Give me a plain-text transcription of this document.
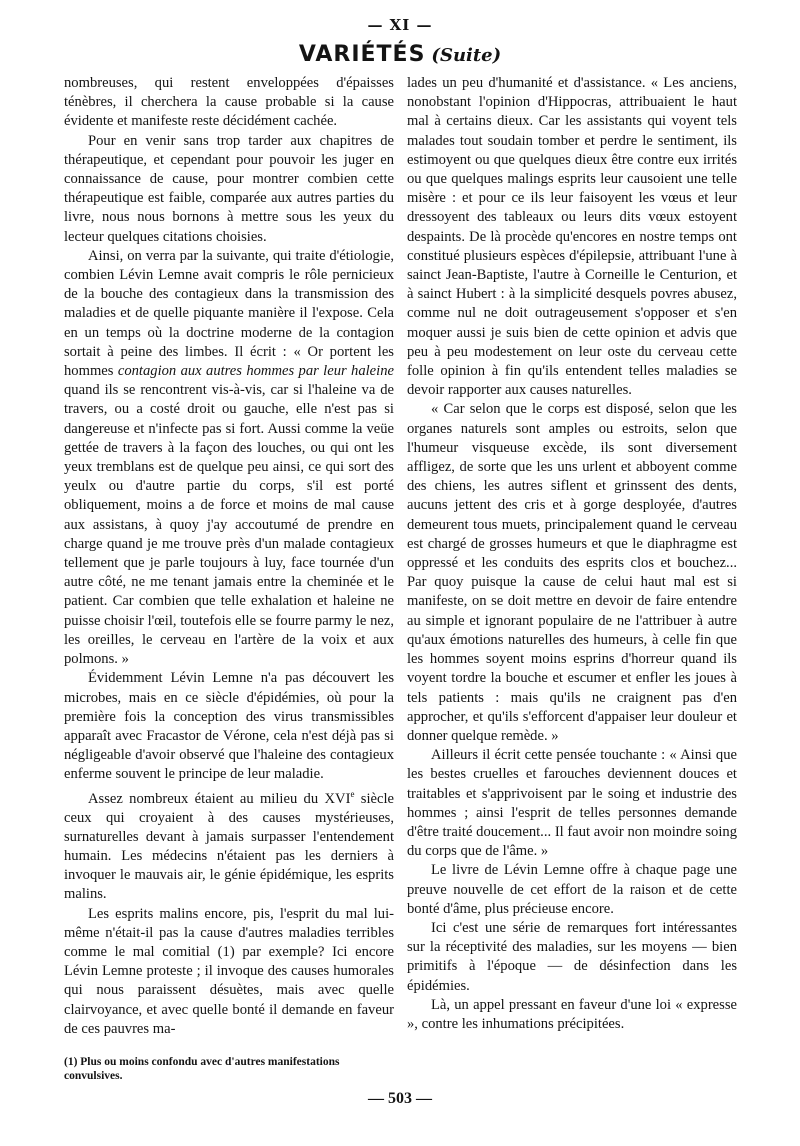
— XI —
VARIÉTÉS (Suite)

nombreuses, qui restent enveloppées d'épaisses ténèbres, il cherchera la cause probable si la cause évidente et manifeste reste décidément cachée.

Pour en venir sans trop tarder aux chapitres de thérapeutique, et cependant pour pouvoir les juger en connaissance de cause, pour montrer combien cette thérapeutique est faible, comparée aux autres parties du livre, nous nous bornons à mettre sous les yeux du lecteur quelques citations choisies.

Ainsi, on verra par la suivante, qui traite d'étiologie, combien Lévin Lemne avait compris le rôle pernicieux de la bouche des contagieux dans la transmission des maladies et de quelle piquante manière il l'expose. Cela en un temps où la doctrine moderne de la contagion sortait à peine des limbes. Il écrit : « Or portent les hommes contagion aux autres hommes par leur haleine quand ils se rencontrent vis-à-vis, car si l'haleine va de travers, ou a costé droit ou gauche, elle n'est pas si dangereuse et n'infecte pas si fort. Aussi comme la veüe gettée de travers à la façon des louches, ou qui ont les yeux tremblans est de quelque peu ainsi, ce qui sort des yeulx ou d'autre partie du corps, s'il est porté obliquement, moins a de force et moins de mal cause aux assistans, à quoy j'ay accoutumé de prendre en charge quand je me trouve près d'un malade contagieux tellement que je parle toujours à luy, face tournée d'un autre côté, ne me tenant jamais entre la cheminée et le patient. Car combien que telle exhalation et haleine ne puisse choisir l'œil, toutefois elle se fourre parmy le nez, les oreilles, le cerveau en l'artère de la voix et aux polmons. »

Évidemment Lévin Lemne n'a pas découvert les microbes, mais en ce siècle d'épidémies, où pour la première fois la conception des virus transmissibles apparaît avec Fracastor de Vérone, cela n'est déjà pas si négligeable d'avoir observé que l'haleine des contagieux enferme souvent le principe de leur maladie.

Assez nombreux étaient au milieu du XVIe siècle ceux qui croyaient à des causes mystérieuses, surnaturelles devant à jamais surpasser l'entendement humain. Les médecins n'étaient pas les derniers à invoquer le mauvais air, le génie épidémique, les esprits malins.

Les esprits malins encore, pis, l'esprit du mal lui-même n'était-il pas la cause d'autres maladies terribles comme le mal comitial (1) par exemple? Ici encore Lévin Lemne proteste ; il invoque des causes humorales qui nous paraissent désuètes, mais avec quelle clairvoyance, et avec quelle bonté il demande en faveur de ces pauvres ma-

(1) Plus ou moins confondu avec d'autres manifestations convulsives.

lades un peu d'humanité et d'assistance. « Les anciens, nonobstant l'opinion d'Hippocras, attribuaient le haut mal à certains dieux. Car les assistants qui voyent tels malades tout soudain tomber et perdre le sentiment, ils estimoyent ou que quelques dieux être contre eux irrités ou que quelques malings esprits leur causoient une telle misère : et pour ce ils leur faisoyent les vœus et leur dressoyent des tableaux ou leurs dits vœux estoyent despaints. De là procède qu'encores en nostre temps ont constitué plusieurs espèces d'épilepsie, attribuant l'une à sainct Jean-Baptiste, l'autre à Corneille le Centurion, et à sainct Hubert : à la simplicité desquels povres abusez, comme nul ne doit outrageusement s'opposer et s'en moquer aussi je suis bien de cette opinion et advis que peu à peu modestement on leur oste du cerveau cette folle opinion à fin qu'ils entendent telles maladies se devoir rapporter aux causes naturelles.

« Car selon que le corps est disposé, selon que les organes naturels sont amples ou estroits, selon que l'humeur visqueuse excède, ils sont diversement affligez, de sorte que les uns urlent et abboyent comme des chiens, les autres siflent et grinssent des dents, aucuns jettent des cris et à gorge desployée, d'autres demeurent tous muets, principalement quand le cerveau est chargé de grosses humeurs et que le diaphragme est oppressé et les conduits des esprits clos et bouchez... Par quoy puisque la cause de celui haut mal est si manifeste, on se doit mettre en devoir de faire entendre au simple et ignorant populaire de ne l'attribuer à autre qu'aux émotions naturelles des humeurs, à celle fin que les hommes soyent moins esprins d'horreur quand ils voyent tordre la bouche et escumer et enfler les joues à tels patients : mais qu'ils ne craignent pas d'en approcher, et qu'ils s'efforcent d'appaiser leur douleur et donner quelque remède. »

Ailleurs il écrit cette pensée touchante : « Ainsi que les bestes cruelles et farouches deviennent douces et traitables et s'apprivoisent par le soing et industrie des hommes ; ainsi l'esprit de telles personnes demande d'être traité doucement... Il faut avoir non moindre soing du corps que de l'âme. »

Le livre de Lévin Lemne offre à chaque page une preuve nouvelle de cet effort de la raison et de cette bonté d'âme, plus précieuse encore.

Ici c'est une série de remarques fort intéressantes sur la réceptivité des maladies, sur les moyens — bien primitifs à l'époque — de désinfection dans les épidémies.

Là, un appel pressant en faveur d'une loi « expresse », contre les inhumations précipitées.

— 503 —
